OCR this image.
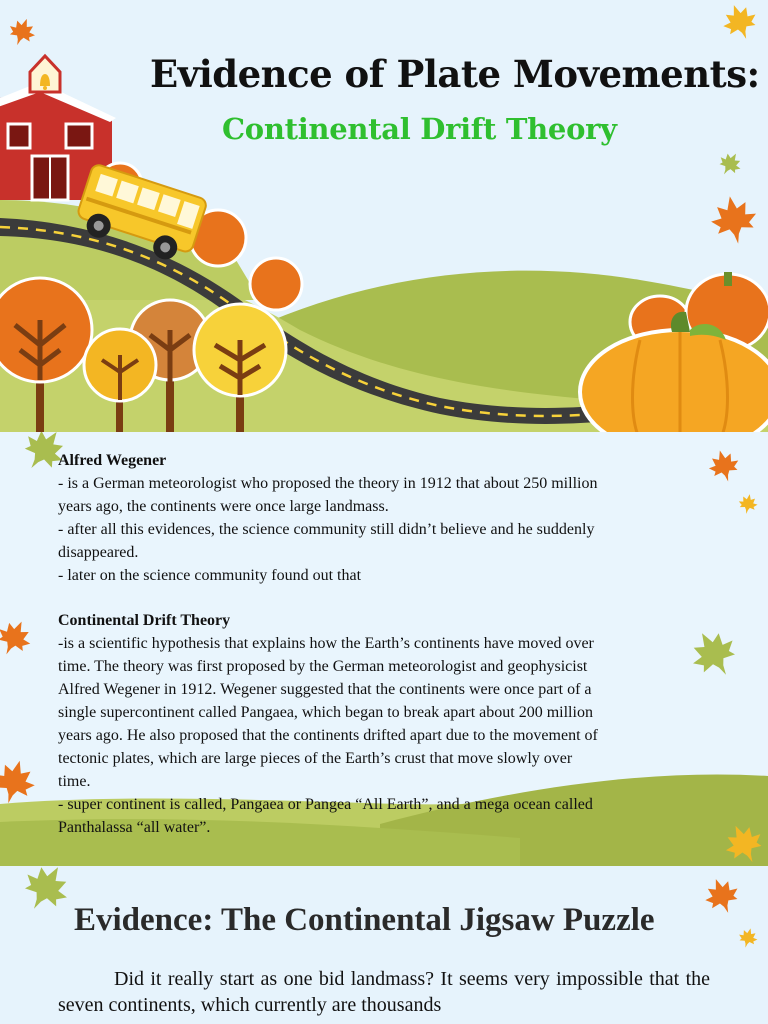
Evidence of Plate Movements:
Continental Drift Theory
Alfred Wegener
- is a German meteorologist who proposed the theory in 1912 that about 250 million
years ago, the continents were once large landmass.
- after all this evidences, the science community still didn’t believe and he suddenly
disappeared.
- later on the science community found out that
Continental Drift Theory
-is a scientific hypothesis that explains how the Earth’s continents have moved over
time. The theory was first proposed by the German meteorologist and geophysicist
Alfred Wegener in 1912. Wegener suggested that the continents were once part of a
single supercontinent called Pangaea, which began to break apart about 200 million
years ago. He also proposed that the continents drifted apart due to the movement of
tectonic plates, which are large pieces of the Earth’s crust that move slowly over
time.
- super continent is called, Pangaea or Pangea “All Earth”, and a mega ocean called
Panthalassa “all water”.
Evidence: The Continental Jigsaw Puzzle

Did it really start as one bid landmass? It seems very impossible that the seven continents, which currently are thousands
